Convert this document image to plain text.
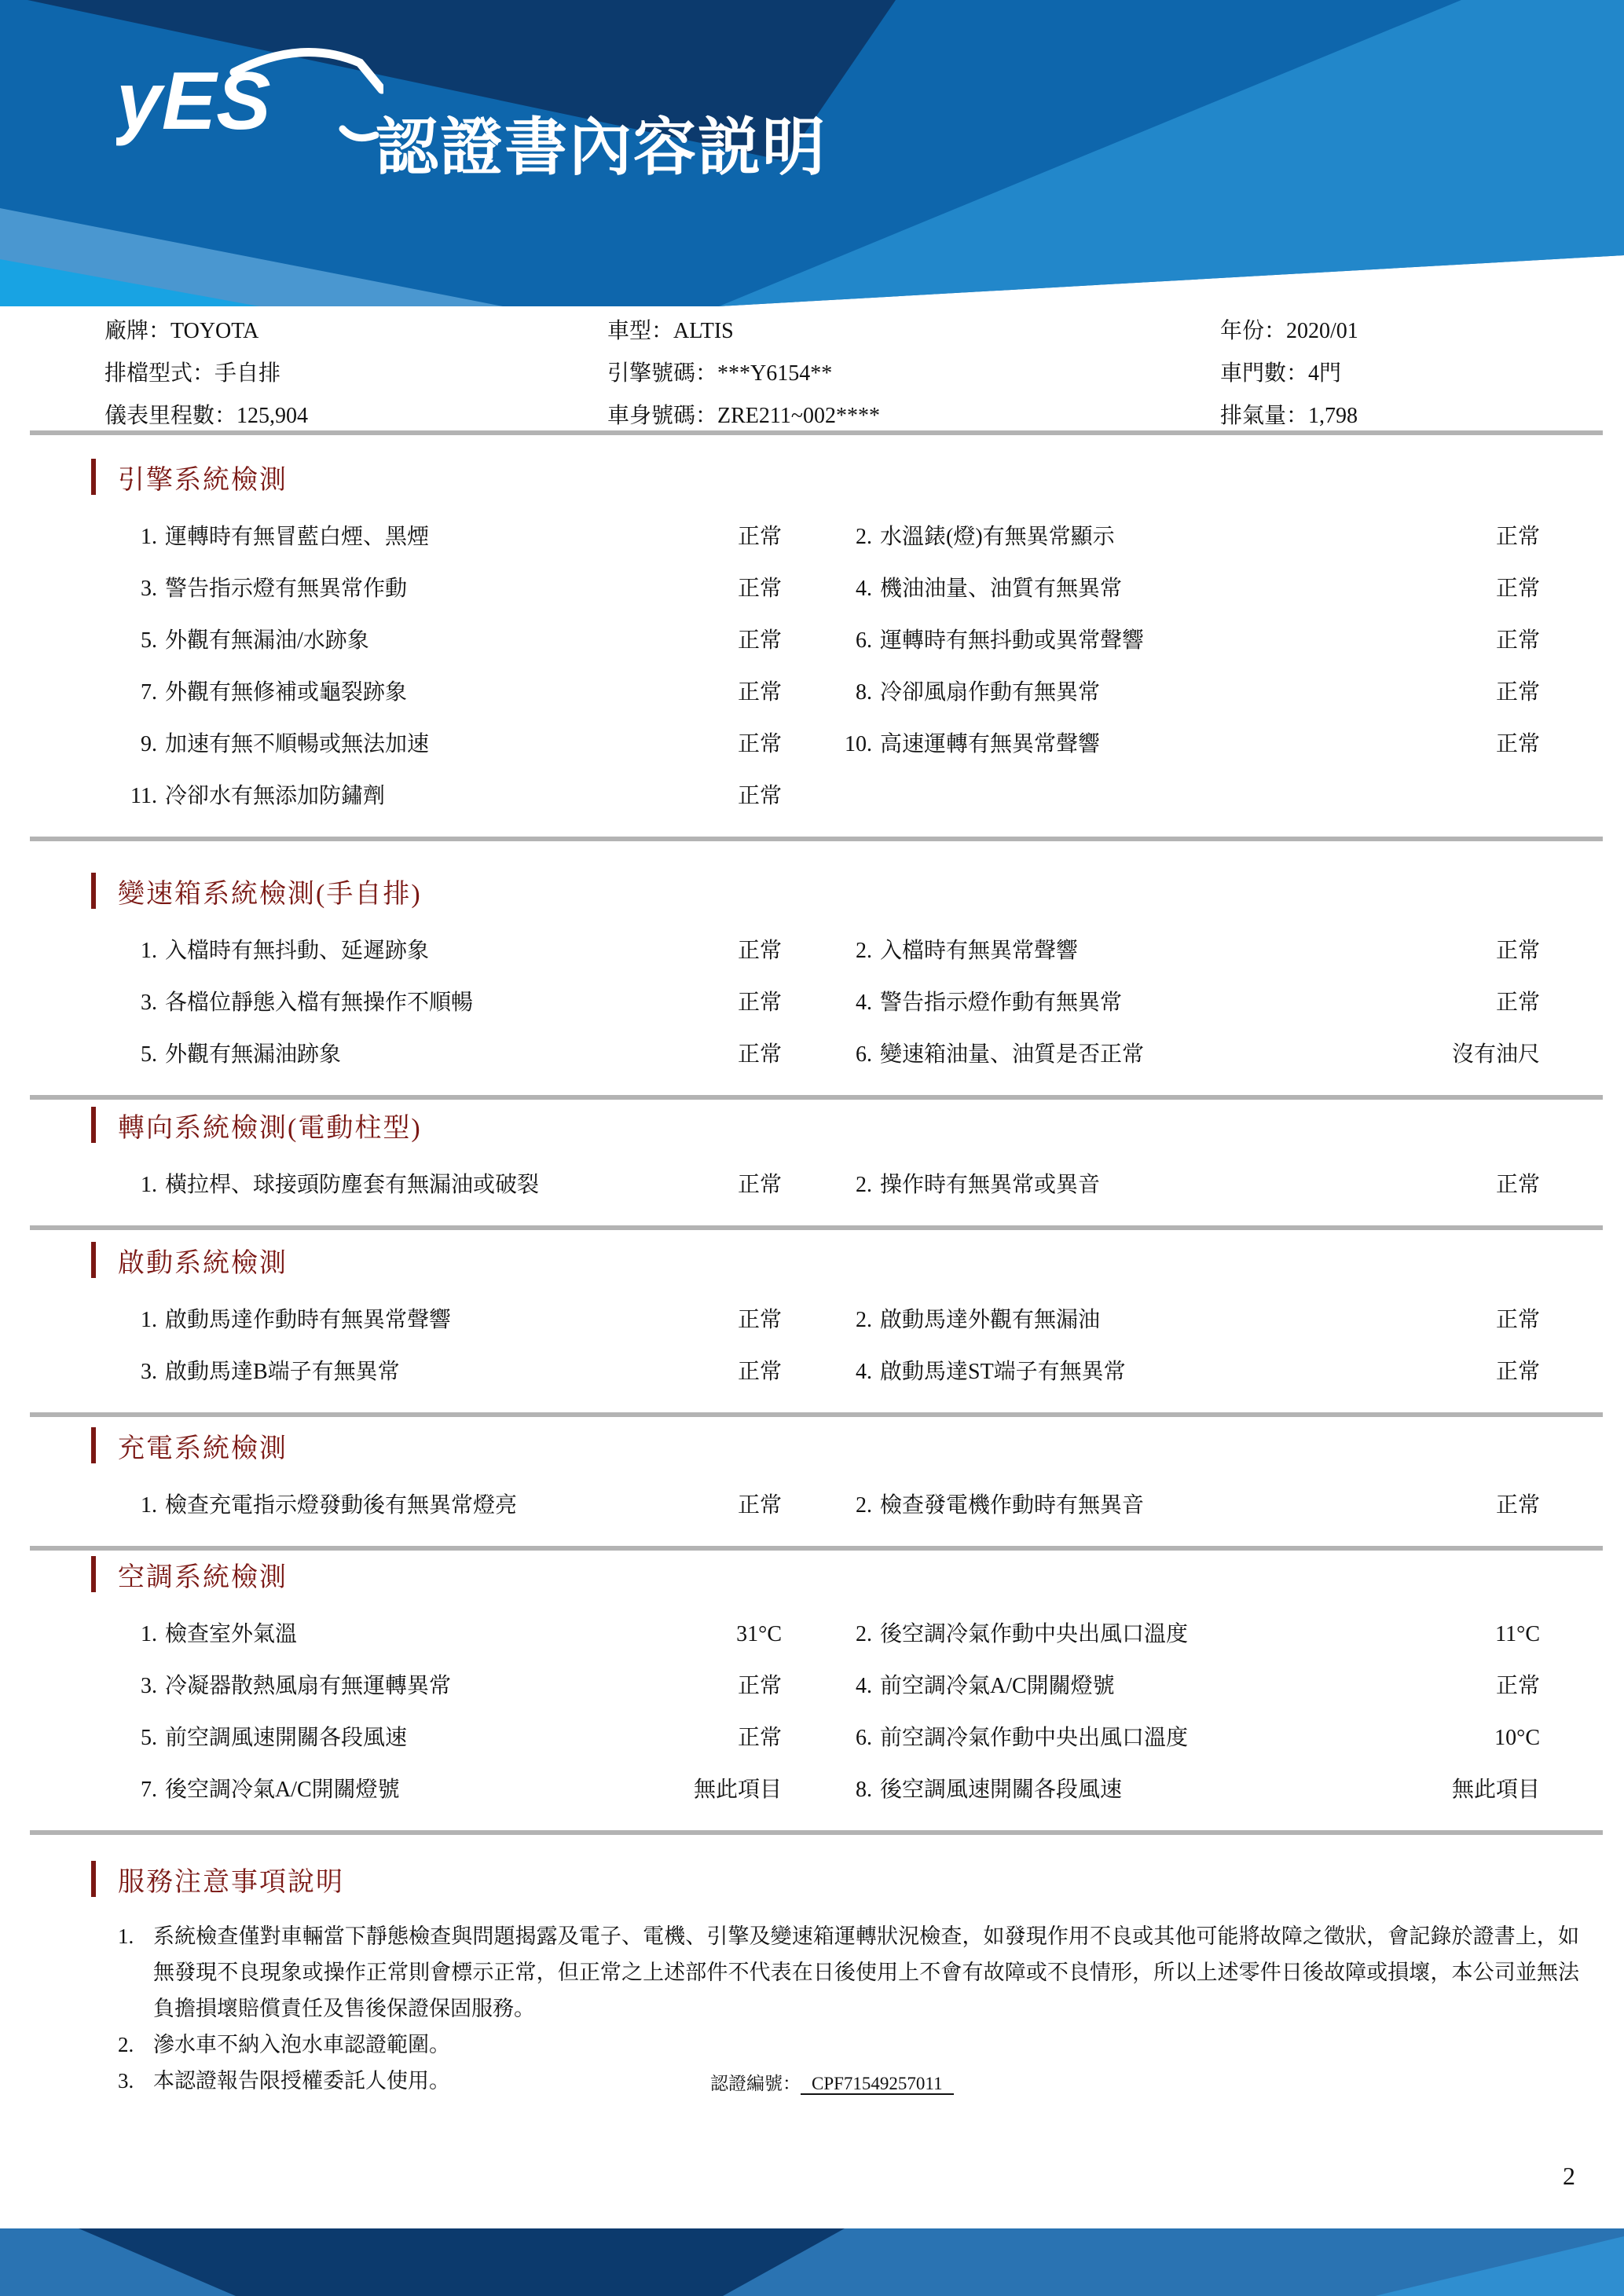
yES
認證書內容説明
廠牌：TOYOTA	車型：ALTIS	年份：2020/01
排檔型式：手自排	引擎號碼：***Y6154**	車門數：4門
儀表里程數：125,904	車身號碼：ZRE211~002****	排氣量：1,798
引擎系統檢測
1. 運轉時有無冒藍白煙、黑煙	正常	2. 水溫錶(燈)有無異常顯示	正常
3. 警告指示燈有無異常作動	正常	4. 機油油量、油質有無異常	正常
5. 外觀有無漏油/水跡象	正常	6. 運轉時有無抖動或異常聲響	正常
7. 外觀有無修補或龜裂跡象	正常	8. 冷卻風扇作動有無異常	正常
9. 加速有無不順暢或無法加速	正常	10. 高速運轉有無異常聲響	正常
11. 冷卻水有無添加防鏽劑	正常
變速箱系統檢測(手自排)
1. 入檔時有無抖動、延遲跡象	正常	2. 入檔時有無異常聲響	正常
3. 各檔位靜態入檔有無操作不順暢	正常	4. 警告指示燈作動有無異常	正常
5. 外觀有無漏油跡象	正常	6. 變速箱油量、油質是否正常	沒有油尺
轉向系統檢測(電動柱型)
1. 橫拉桿、球接頭防塵套有無漏油或破裂	正常	2. 操作時有無異常或異音	正常
啟動系統檢測
1. 啟動馬達作動時有無異常聲響	正常	2. 啟動馬達外觀有無漏油	正常
3. 啟動馬達B端子有無異常	正常	4. 啟動馬達ST端子有無異常	正常
充電系統檢測
1. 檢查充電指示燈發動後有無異常燈亮	正常	2. 檢查發電機作動時有無異音	正常
空調系統檢測
1. 檢查室外氣溫	31°C	2. 後空調冷氣作動中央出風口溫度	11°C
3. 冷凝器散熱風扇有無運轉異常	正常	4. 前空調冷氣A/C開關燈號	正常
5. 前空調風速開關各段風速	正常	6. 前空調冷氣作動中央出風口溫度	10°C
7. 後空調冷氣A/C開關燈號	無此項目	8. 後空調風速開關各段風速	無此項目
服務注意事項說明
1. 系統檢查僅對車輛當下靜態檢查與問題揭露及電子、電機、引擎及變速箱運轉狀況檢查，如發現作用不良或其他可能將故障之徵狀，會記錄於證書上，如無發現不良現象或操作正常則會標示正常，但正常之上述部件不代表在日後使用上不會有故障或不良情形，所以上述零件日後故障或損壞，本公司並無法負擔損壞賠償責任及售後保證保固服務。
2. 滲水車不納入泡水車認證範圍。
3. 本認證報告限授權委託人使用。	認證編號： CPF71549257011
2
